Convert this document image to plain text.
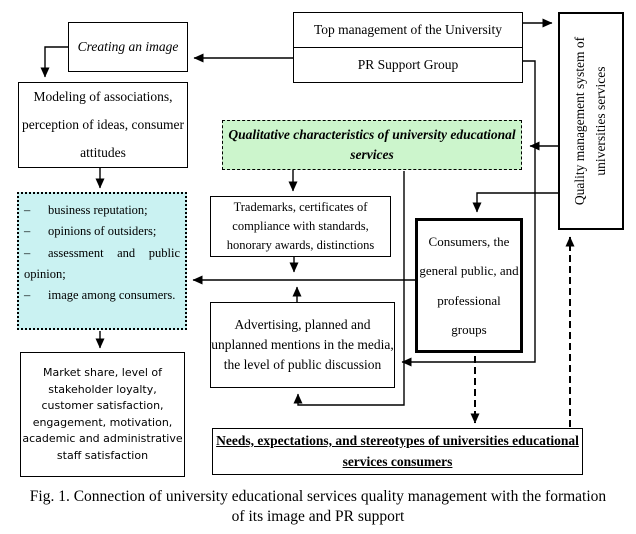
Creating an image
Top management of the University
PR Support Group	Quality management system of universities services
Modeling of associations, perception of ideas, consumer attitudes
– business reputation;
– opinions of outsiders;
– assessment and public opinion;
– image among consumers.
Market share, level of stakeholder loyalty, customer satisfaction, engagement, motivation, academic and administrative staff satisfaction
Qualitative characteristics of university educational services
Trademarks, certificates of compliance with standards, honorary awards, distinctions
Advertising, planned and unplanned mentions in the media, the level of public discussion
Consumers, the general public, and professional groups
Needs, expectations, and stereotypes of universities educational services consumers
Fig. 1. Connection of university educational services quality management with the formation of its image and PR support
